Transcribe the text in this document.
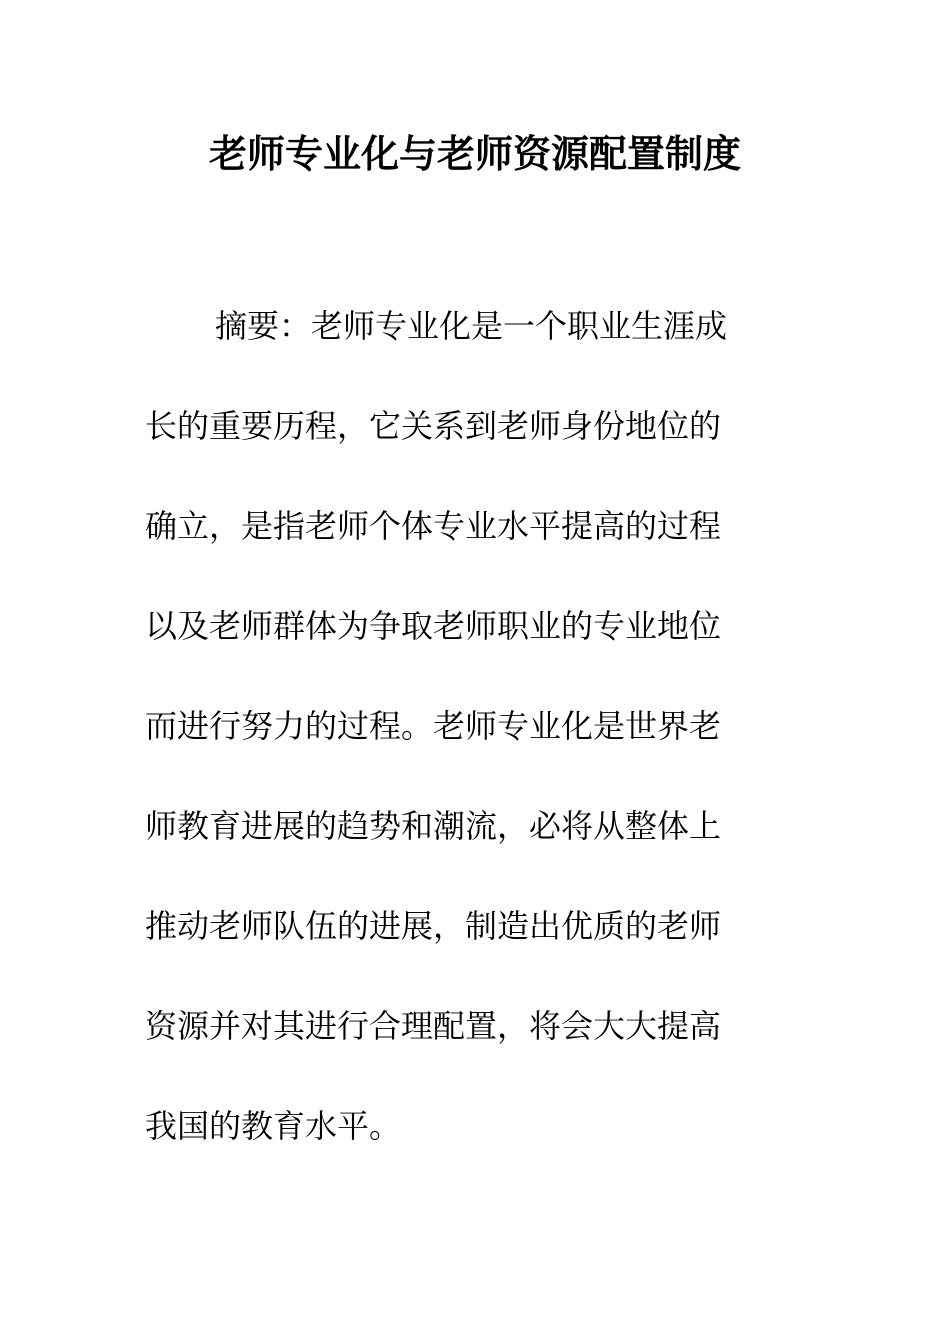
老师专业化与老师资源配置制度
摘要：老师专业化是一个职业生涯成
长的重要历程，它关系到老师身份地位的
确立，是指老师个体专业水平提高的过程
以及老师群体为争取老师职业的专业地位
而进行努力的过程。老师专业化是世界老
师教育进展的趋势和潮流，必将从整体上
推动老师队伍的进展，制造出优质的老师
资源并对其进行合理配置，将会大大提高
我国的教育水平。
